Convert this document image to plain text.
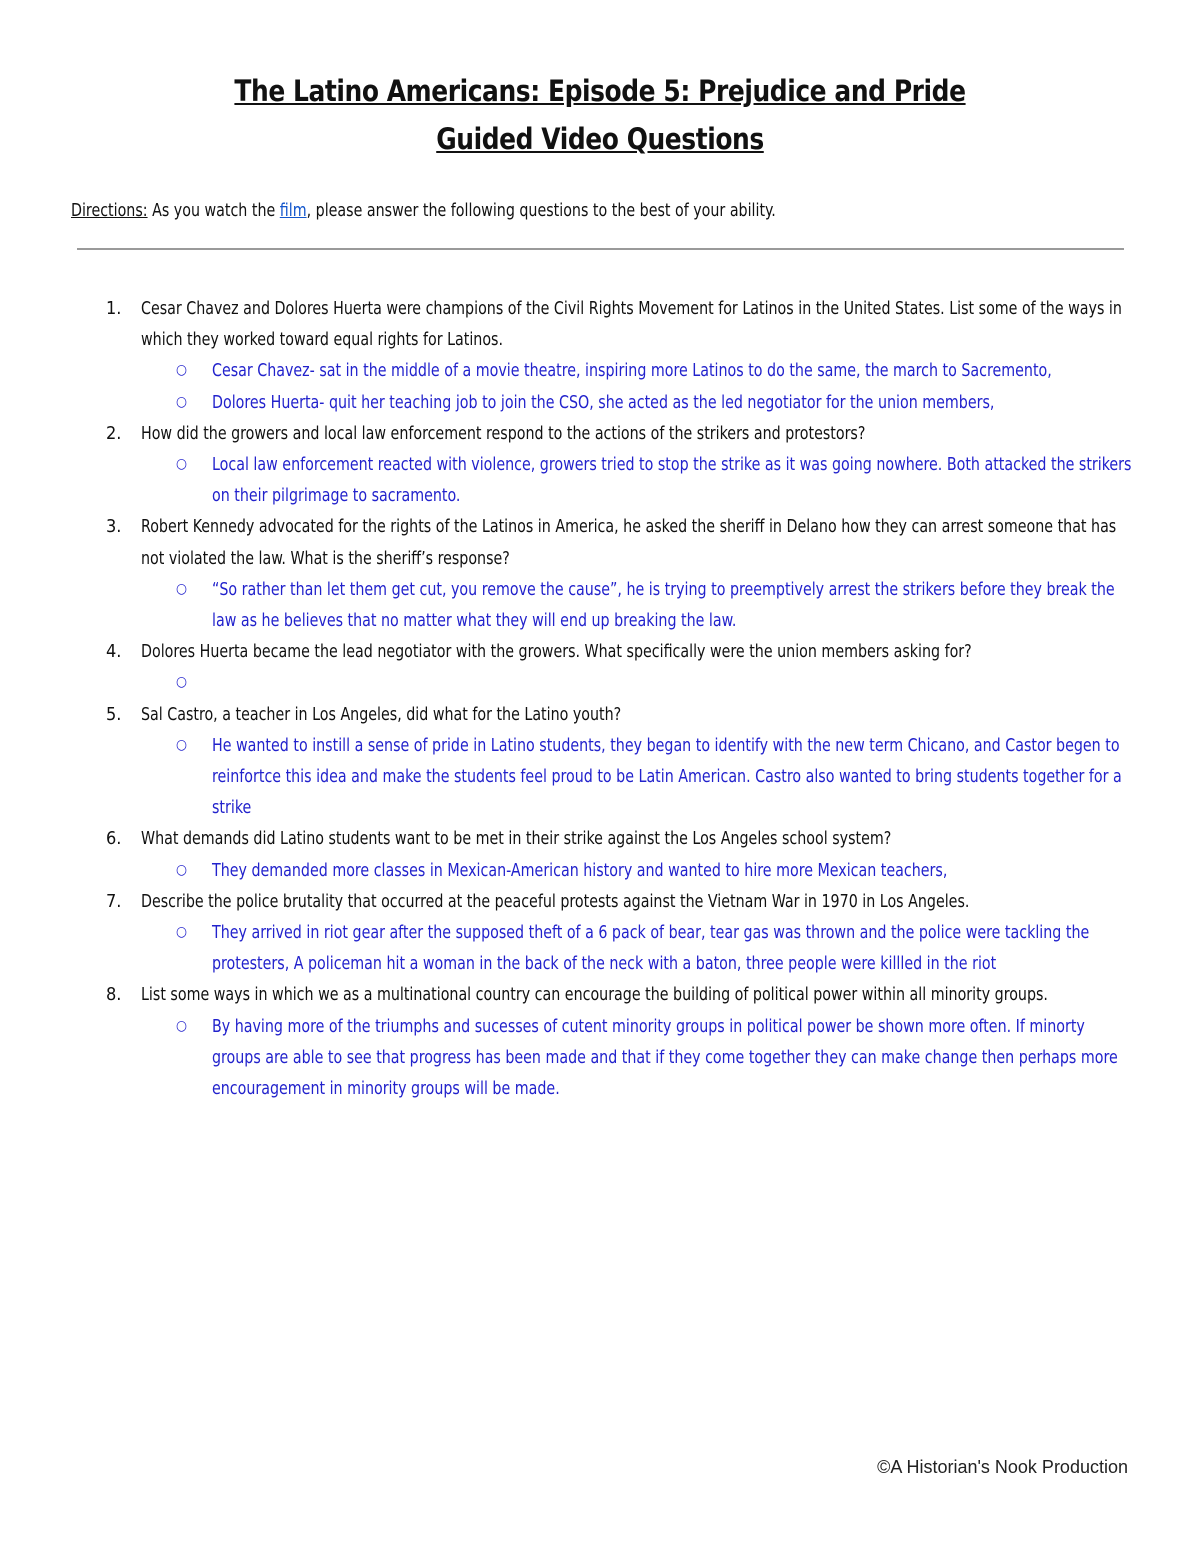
The Latino Americans: Episode 5: Prejudice and Pride
Guided Video Questions
Directions: As you watch the film, please answer the following questions to the best of your ability.
1. Cesar Chavez and Dolores Huerta were champions of the Civil Rights Movement for Latinos in the United States. List some of the ways in which they worked toward equal rights for Latinos.
○ Cesar Chavez- sat in the middle of a movie theatre, inspiring more Latinos to do the same, the march to Sacremento,
○ Dolores Huerta- quit her teaching job to join the CSO, she acted as the led negotiator for the union members,
2. How did the growers and local law enforcement respond to the actions of the strikers and protestors?
○ Local law enforcement reacted with violence, growers tried to stop the strike as it was going nowhere. Both attacked the strikers on their pilgrimage to sacramento.
3. Robert Kennedy advocated for the rights of the Latinos in America, he asked the sheriff in Delano how they can arrest someone that has not violated the law. What is the sheriff’s response?
○ “So rather than let them get cut, you remove the cause”, he is trying to preemptively arrest the strikers before they break the law as he believes that no matter what they will end up breaking the law.
4. Dolores Huerta became the lead negotiator with the growers. What specifically were the union members asking for?
○

5. Sal Castro, a teacher in Los Angeles, did what for the Latino youth?
○ He wanted to instill a sense of pride in Latino students, they began to identify with the new term Chicano, and Castor begen to reinfortce this idea and make the students feel proud to be Latin American. Castro also wanted to bring students together for a strike
6. What demands did Latino students want to be met in their strike against the Los Angeles school system?
○ They demanded more classes in Mexican-American history and wanted to hire more Mexican teachers,
7. Describe the police brutality that occurred at the peaceful protests against the Vietnam War in 1970 in Los Angeles.
○ They arrived in riot gear after the supposed theft of a 6 pack of bear, tear gas was thrown and the police were tackling the protesters, A policeman hit a woman in the back of the neck with a baton, three people were killled in the riot
8. List some ways in which we as a multinational country can encourage the building of political power within all minority groups.
○ By having more of the triumphs and sucesses of cutent minority groups in political power be shown more often. If minorty groups are able to see that progress has been made and that if they come together they can make change then perhaps more encouragement in minority groups will be made.
©A Historian's Nook Production
